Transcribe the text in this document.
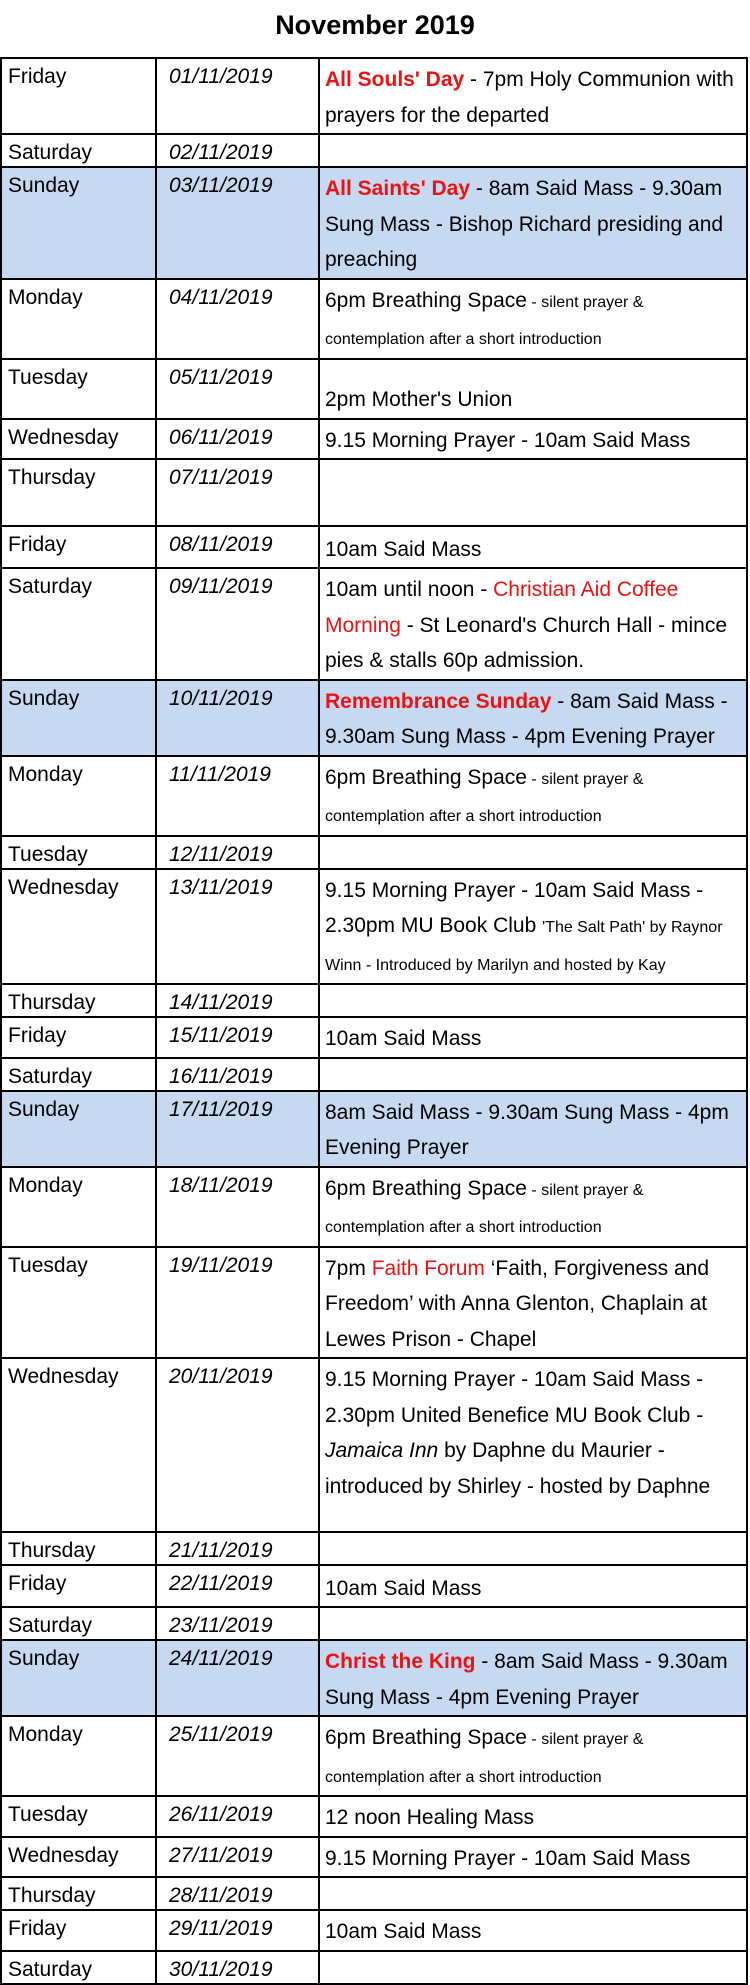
November 2019
Friday	01/11/2019	All Souls' Day - 7pm Holy Communion with prayers for the departed
Saturday	02/11/2019	
Sunday	03/11/2019	All Saints' Day - 8am Said Mass - 9.30am Sung Mass - Bishop Richard presiding and preaching
Monday	04/11/2019	6pm Breathing Space - silent prayer & contemplation after a short introduction
Tuesday	05/11/2019	2pm Mother's Union
Wednesday	06/11/2019	9.15 Morning Prayer - 10am Said Mass
Thursday	07/11/2019	
Friday	08/11/2019	10am Said Mass
Saturday	09/11/2019	10am until noon - Christian Aid Coffee Morning - St Leonard's Church Hall - mince pies & stalls 60p admission.
Sunday	10/11/2019	Remembrance Sunday - 8am Said Mass - 9.30am Sung Mass - 4pm Evening Prayer
Monday	11/11/2019	6pm Breathing Space - silent prayer & contemplation after a short introduction
Tuesday	12/11/2019	
Wednesday	13/11/2019	9.15 Morning Prayer - 10am Said Mass - 2.30pm MU Book Club 'The Salt Path' by Raynor Winn - Introduced by Marilyn and hosted by Kay
Thursday	14/11/2019	
Friday	15/11/2019	10am Said Mass
Saturday	16/11/2019	
Sunday	17/11/2019	8am Said Mass - 9.30am Sung Mass - 4pm Evening Prayer
Monday	18/11/2019	6pm Breathing Space - silent prayer & contemplation after a short introduction
Tuesday	19/11/2019	7pm Faith Forum ‘Faith, Forgiveness and Freedom’ with Anna Glenton, Chaplain at Lewes Prison - Chapel
Wednesday	20/11/2019	9.15 Morning Prayer - 10am Said Mass - 2.30pm United Benefice MU Book Club - Jamaica Inn by Daphne du Maurier - introduced by Shirley - hosted by Daphne
Thursday	21/11/2019	
Friday	22/11/2019	10am Said Mass
Saturday	23/11/2019	
Sunday	24/11/2019	Christ the King - 8am Said Mass - 9.30am Sung Mass - 4pm Evening Prayer
Monday	25/11/2019	6pm Breathing Space - silent prayer & contemplation after a short introduction
Tuesday	26/11/2019	12 noon Healing Mass
Wednesday	27/11/2019	9.15 Morning Prayer - 10am Said Mass
Thursday	28/11/2019	
Friday	29/11/2019	10am Said Mass
Saturday	30/11/2019	
